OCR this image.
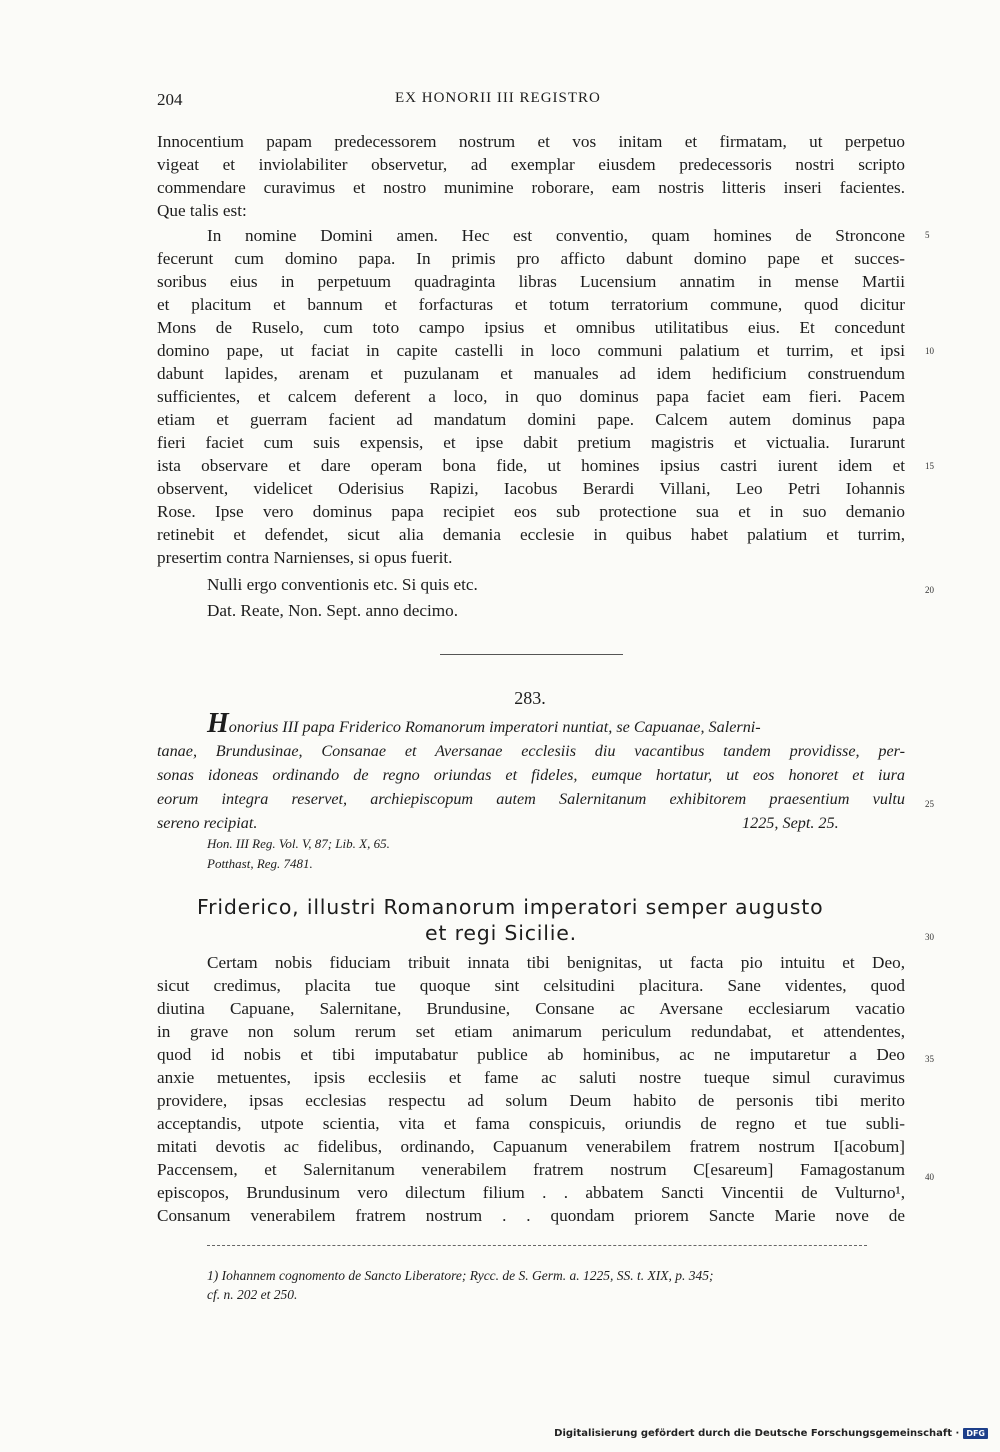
204	EX HONORII III REGISTRO
Innocentium papam predecessorem nostrum et vos initam et firmatam, ut perpetuo
vigeat et inviolabiliter observetur, ad exemplar eiusdem predecessoris nostri scripto
commendare curavimus et nostro munimine roborare, eam nostris litteris inseri facientes.
Que talis est:
In nomine Domini amen. Hec est conventio, quam homines de Stroncone
fecerunt cum domino papa. In primis pro afficto dabunt domino pape et succes-
soribus eius in perpetuum quadraginta libras Lucensium annatim in mense Martii
et placitum et bannum et forfacturas et totum terratorium commune, quod dicitur
Mons de Ruselo, cum toto campo ipsius et omnibus utilitatibus eius. Et concedunt
domino pape, ut faciat in capite castelli in loco communi palatium et turrim, et ipsi
dabunt lapides, arenam et puzulanam et manuales ad idem hedificium construendum
sufficientes, et calcem deferent a loco, in quo dominus papa faciet eam fieri. Pacem
etiam et guerram facient ad mandatum domini pape. Calcem autem dominus papa
fieri faciet cum suis expensis, et ipse dabit pretium magistris et victualia. Iurarunt
ista observare et dare operam bona fide, ut homines ipsius castri iurent idem et
observent, videlicet Oderisius Rapizi, Iacobus Berardi Villani, Leo Petri Iohannis
Rose. Ipse vero dominus papa recipiet eos sub protectione sua et in suo demanio
retinebit et defendet, sicut alia demania ecclesie in quibus habet palatium et turrim,
presertim contra Narnienses, si opus fuerit.
Nulli ergo conventionis etc. Si quis etc.
Dat. Reate, Non. Sept. anno decimo.
5
10
15
20
283.
Honorius III papa Friderico Romanorum imperatori nuntiat, se Capuanae, Salerni-
tanae, Brundusinae, Consanae et Aversanae ecclesiis diu vacantibus tandem providisse, per-
sonas idoneas ordinando de regno oriundas et fideles, eumque hortatur, ut eos honoret et iura
eorum integra reservet, archiepiscopum autem Salernitanum exhibitorem praesentium vultu
sereno recipiat.	1225, Sept. 25.
Hon. III Reg. Vol. V, 87; Lib. X, 65.
Potthast, Reg. 7481.
Friderico, illustri Romanorum imperatori semper augusto
et regi Sicilie.
25
30
35
40
Certam nobis fiduciam tribuit innata tibi benignitas, ut facta pio intuitu et Deo,
sicut credimus, placita tue quoque sint celsitudini placitura. Sane videntes, quod
diutina Capuane, Salernitane, Brundusine, Consane ac Aversane ecclesiarum vacatio
in grave non solum rerum set etiam animarum periculum redundabat, et attendentes,
quod id nobis et tibi imputabatur publice ab hominibus, ac ne imputaretur a Deo
anxie metuentes, ipsis ecclesiis et fame ac saluti nostre tueque simul curavimus
providere, ipsas ecclesias respectu ad solum Deum habito de personis tibi merito
acceptandis, utpote scientia, vita et fama conspicuis, oriundis de regno et tue subli-
mitati devotis ac fidelibus, ordinando, Capuanum venerabilem fratrem nostrum I[acobum]
Paccensem, et Salernitanum venerabilem fratrem nostrum C[esareum] Famagostanum
episcopos, Brundusinum vero dilectum filium . . abbatem Sancti Vincentii de Vulturno¹,
Consanum venerabilem fratrem nostrum . . quondam priorem Sancte Marie nove de
1) Iohannem cognomento de Sancto Liberatore; Rycc. de S. Germ. a. 1225, SS. t. XIX, p. 345;
cf. n. 202 et 250.
Digitalisierung gefördert durch die Deutsche Forschungsgemeinschaft · DFG
